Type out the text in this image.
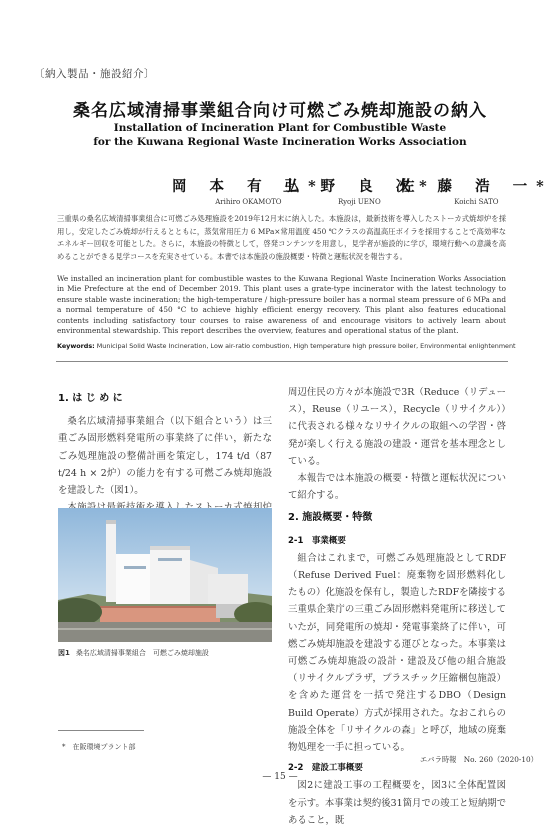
〔納入製品・施設紹介〕
桑名広域清掃事業組合向け可燃ごみ焼却施設の納入
Installation of Incineration Plant for Combustible Waste
for the Kuwana Regional Waste Incineration Works Association
岡 本 有 弘*
Arihiro OKAMOTO
上 野 良 次*
Ryoji UENO
佐 藤 浩 一*
Koichi SATO
三重県の桑名広域清掃事業組合に可燃ごみ処理施設を2019年12月末に納入した。本施設は，最新技術を導入したストーカ式焼却炉を採用し，安定したごみ焼却が行えるとともに，蒸気常用圧力 6 MPa×常用温度 450 ℃クラスの高温高圧ボイラを採用することで高効率なエネルギー回収を可能とした。さらに，本施設の特徴として，啓発コンテンツを用意し，見学者が施設的に学び，環境行動への意識を高めることができる見学コースを充実させている。本書では本施設の施設概要・特徴と運転状況を報告する。
We installed an incineration plant for combustible wastes to the Kuwana Regional Waste Incineration Works Association in Mie Prefecture at the end of December 2019. This plant uses a grate-type incinerator with the latest technology to ensure stable waste incineration; the high-temperature / high-pressure boiler has a normal steam pressure of 6 MPa and a normal temperature of 450 °C to achieve highly efficient energy recovery. This plant also features educational contents including satisfactory tour courses to raise awareness of and encourage visitors to actively learn about environmental stewardship. This report describes the overview, features and operational status of the plant.
Keywords: Municipal Solid Waste Incineration, Low air-ratio combustion, High temperature high pressure boiler, Environmental enlightenment
1. は じ め に

桑名広域清掃事業組合（以下組合という）は三重ごみ固形燃料発電所の事業終了に伴い，新たなごみ処理施設の整備計画を策定し，174 t/d（87 t/24 h × 2炉）の能力を有する可燃ごみ焼却施設を建設した（図1）。

図1 桑名広域清掃事業組合　可燃ごみ焼却施設

周辺住民の方々が本施設で3R（Reduce（リデュース），Reuse（リユース），Recycle（リサイクル））に代表される様々なリサイクルの取組への学習・啓発が楽しく行える施設の建設・運営を基本理念としている。

本報告では本施設の概要・特徴と運転状況について紹介する。

2. 施設概要・特徴
2-1　事業概要

組合はこれまで，可燃ごみ処理施設としてRDF（Refuse Derived Fuel：廃棄物を固形燃料化したもの）化施設を保有し，製造したRDFを隣接する三重県企業庁の三重ごみ固形燃料発電所に移送していたが，同発電所の焼却・発電事業終了に伴い，可燃ごみ焼却施設を建設する運びとなった。本事業は可燃ごみ焼却施設の設計・建設及び他の組合施設（リサイクルプラザ，プラスチック圧縮梱包施設）を含めた運営を一括で発注するDBO（Design Build Operate）方式が採用された。なおこれらの施設全体を「リサイクルの森」と呼び，地域の廃棄物処理を一手に担っている。

2-2　建設工事概要

図2に建設工事の工程概要を，図3に全体配置図を示す。本事業は契約後31箇月での竣工と短納期であること，既

*　在阪環境プラント部
エバラ時報　No. 260（2020-10）
— 15 —
